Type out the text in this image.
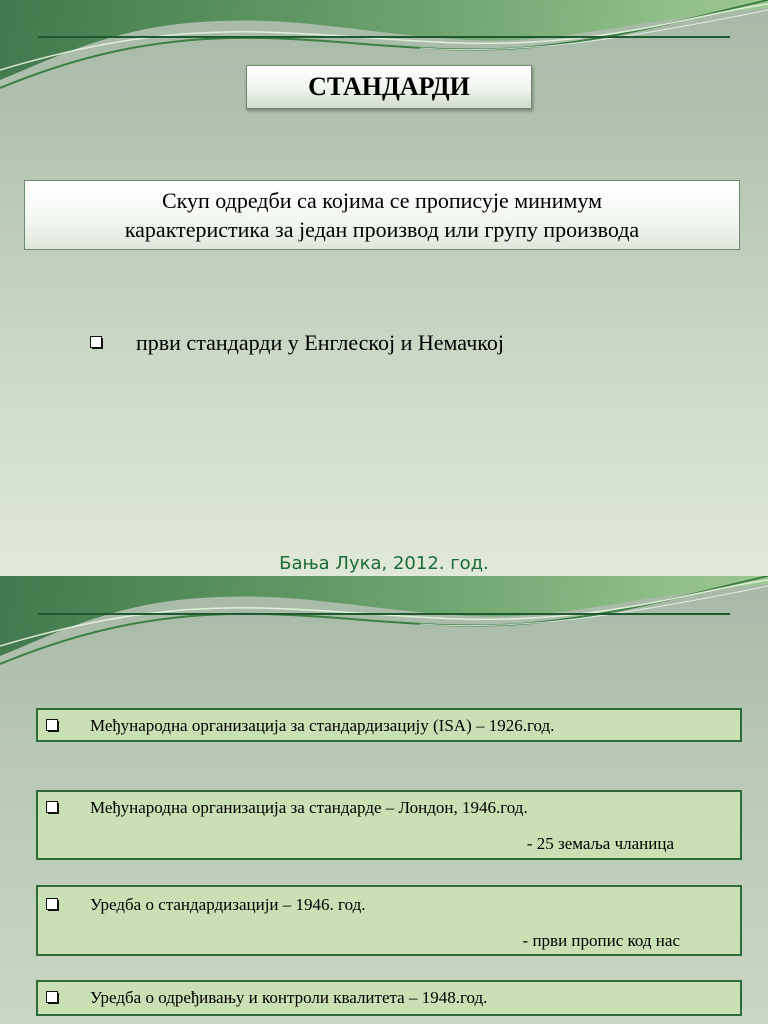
СТАНДАРДИ
Скуп одредби са којима се прописује минимум
карактеристика за један производ или групу производа
први стандарди у Енглеској и Немачкој
Бања Лука, 2012. год.
Међународна организација за стандардизацију (ISA) – 1926.год.
Међународна организација за стандарде – Лондон, 1946.год.
- 25 земаља чланица
Уредба о стандардизацији – 1946. год.
- први пропис код нас
Уредба о одређивању и контроли квалитета – 1948.год.
